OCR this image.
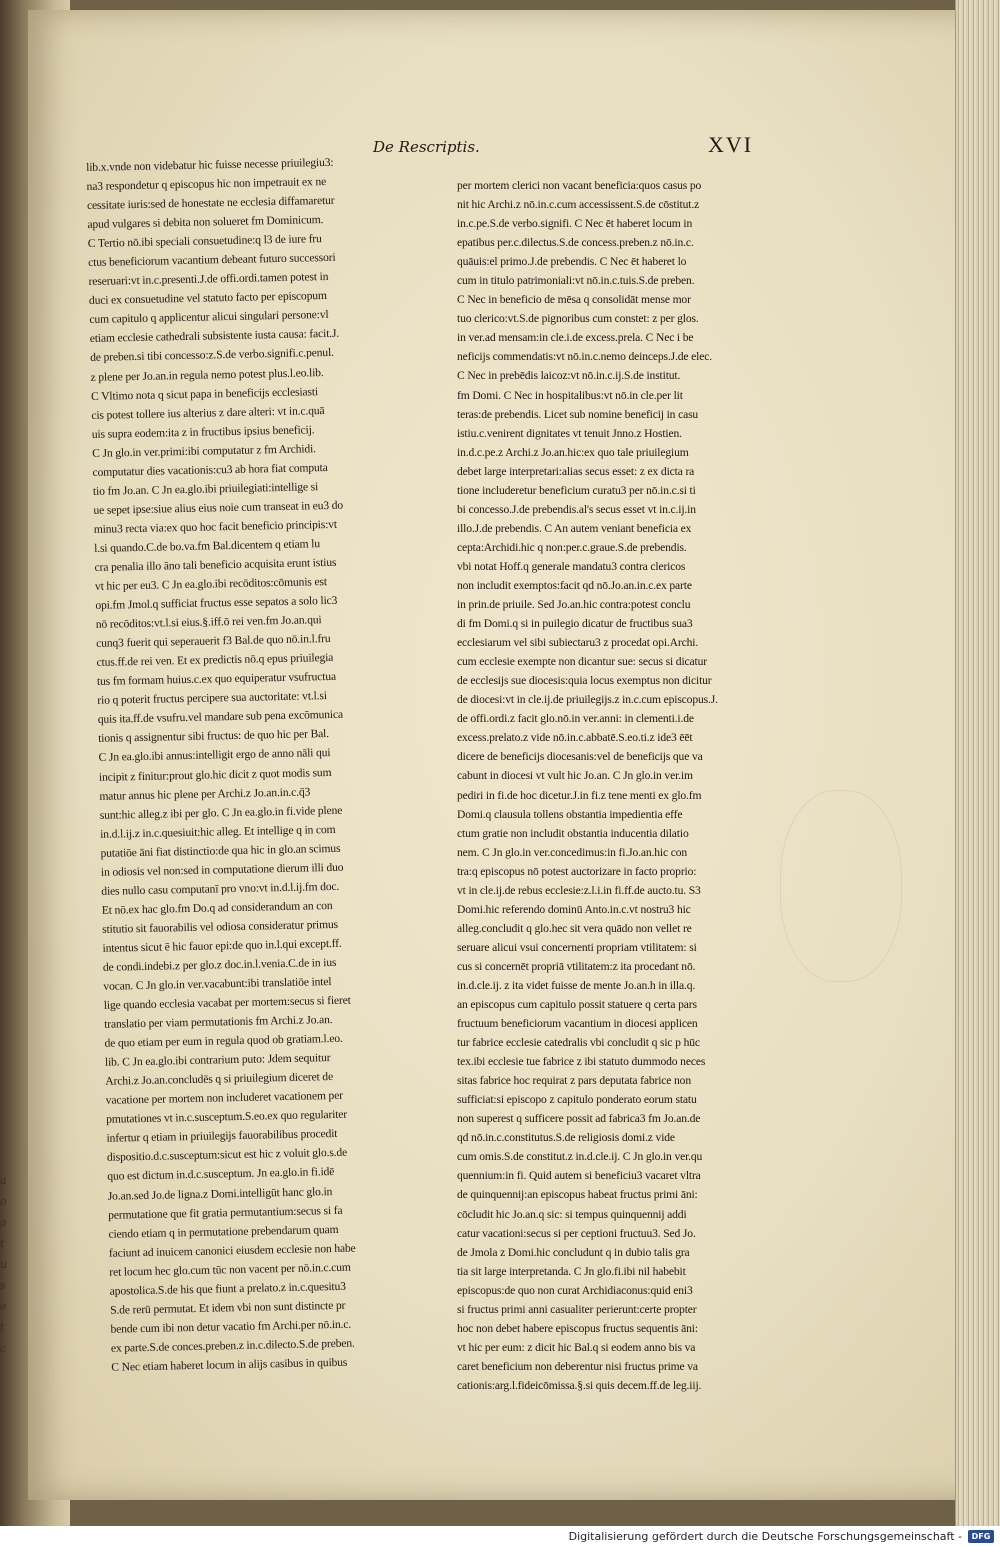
a
o
a
t
u
s
e
t
c
De Rescriptis.	XVI
lib.x.vnde non videbatur hic fuisse necesse priuilegiu3:
na3 respondetur q episcopus hic non impetrauit ex ne
cessitate iuris:sed de honestate ne ecclesia diffamaretur
apud vulgares si debita non solueret fm Dominicum.
C Tertio nō.ibi speciali consuetudine:q l3 de iure fru
ctus beneficiorum vacantium debeant futuro successori
reseruari:vt in.c.presenti.J.de offi.ordi.tamen potest in
duci ex consuetudine vel statuto facto per episcopum
cum capitulo q applicentur alicui singulari persone:vl
etiam ecclesie cathedrali subsistente iusta causa: facit.J.
de preben.si tibi concesso:z.S.de verbo.signifi.c.penul.
z plene per Jo.an.in regula nemo potest plus.l.eo.lib.
C Vltimo nota q sicut papa in beneficijs ecclesiasti
cis potest tollere ius alterius z dare alteri: vt in.c.quā
uis supra eodem:ita z in fructibus ipsius beneficij.
C Jn glo.in ver.primi:ibi computatur z fm Archidi.
computatur dies vacationis:cu3 ab hora fiat computa
tio fm Jo.an. C Jn ea.glo.ibi priuilegiati:intellige si
ue sepet ipse:siue alius eius noie cum transeat in eu3 do
minu3 recta via:ex quo hoc facit beneficio principis:vt
l.si quando.C.de bo.va.fm Bal.dicentem q etiam lu
cra penalia illo āno tali beneficio acquisita erunt istius
vt hic per eu3. C Jn ea.glo.ibi recōditos:cōmunis est
opi.fm Jmol.q sufficiat fructus esse sepatos a solo lic3
nō recōditos:vt.l.si eius.§.iff.ō rei ven.fm Jo.an.qui
cunq3 fuerit qui seperauerit f3 Bal.de quo nō.in.l.fru
ctus.ff.de rei ven. Et ex predictis nō.q epus priuilegia
tus fm formam huius.c.ex quo equiperatur vsufructua
rio q poterit fructus percipere sua auctoritate: vt.l.si
quis ita.ff.de vsufru.vel mandare sub pena excōmunica
tionis q assignentur sibi fructus: de quo hic per Bal.
C Jn ea.glo.ibi annus:intelligit ergo de anno nāli qui
incipit z finitur:prout glo.hic dicit z quot modis sum
matur annus hic plene per Archi.z Jo.an.in.c.q̄3
sunt:hic alleg.z ibi per glo. C Jn ea.glo.in fi.vide plene
in.d.l.ij.z in.c.quesiuit:hic alleg. Et intellige q in com
putatiōe āni fiat distinctio:de qua hic in glo.an scimus
in odiosis vel non:sed in computatione dierum illi duo
dies nullo casu computanī pro vno:vt in.d.l.ij.fm doc.
Et nō.ex hac glo.fm Do.q ad considerandum an con
stitutio sit fauorabilis vel odiosa consideratur primus
intentus sicut ē hic fauor epi:de quo in.l.qui except.ff.
de condi.indebi.z per glo.z doc.in.l.venia.C.de in ius
vocan. C Jn glo.in ver.vacabunt:ibi translatiōe intel
lige quando ecclesia vacabat per mortem:secus si fieret
translatio per viam permutationis fm Archi.z Jo.an.
de quo etiam per eum in regula quod ob gratiam.l.eo.
lib. C Jn ea.glo.ibi contrarium puto: Jdem sequitur
Archi.z Jo.an.concludēs q si priuilegium diceret de
vacatione per mortem non includeret vacationem per
pmutationes vt in.c.susceptum.S.eo.ex quo regulariter
infertur q etiam in priuilegijs fauorabilibus procedit
dispositio.d.c.susceptum:sicut est hic z voluit glo.s.de
quo est dictum in.d.c.susceptum. Jn ea.glo.in fi.idē
Jo.an.sed Jo.de ligna.z Domi.intelligūt hanc glo.in
permutatione que fit gratia permutantium:secus si fa
ciendo etiam q in permutatione prebendarum quam
faciunt ad inuicem canonici eiusdem ecclesie non habe
ret locum hec glo.cum tūc non vacent per nō.in.c.cum
apostolica.S.de his que fiunt a prelato.z in.c.quesitu3
S.de rerū permutat. Et idem vbi non sunt distincte pr
bende cum ibi non detur vacatio fm Archi.per nō.in.c.
ex parte.S.de conces.preben.z in.c.dilecto.S.de preben.
C Nec etiam haberet locum in alijs casibus in quibus
per mortem clerici non vacant beneficia:quos casus po
nit hic Archi.z nō.in.c.cum accessissent.S.de cōstitut.z
in.c.pe.S.de verbo.signifi. C Nec ēt haberet locum in
epatibus per.c.dilectus.S.de concess.preben.z nō.in.c.
quāuis:el primo.J.de prebendis. C Nec ēt haberet lo
cum in titulo patrimoniali:vt nō.in.c.tuis.S.de preben.
C Nec in beneficio de mēsa q consolidāt mense mor
tuo clerico:vt.S.de pignoribus cum constet: z per glos.
in ver.ad mensam:in cle.i.de excess.prela. C Nec i be
neficijs commendatis:vt nō.in.c.nemo deinceps.J.de elec.
C Nec in prebēdis laicoz:vt nō.in.c.ij.S.de institut.
fm Domi. C Nec in hospitalibus:vt nō.in cle.per lit
teras:de prebendis. Licet sub nomine beneficij in casu
istiu.c.venirent dignitates vt tenuit Jnno.z Hostien.
in.d.c.pe.z Archi.z Jo.an.hic:ex quo tale priuilegium
debet large interpretari:alias secus esset: z ex dicta ra
tione includeretur beneficium curatu3 per nō.in.c.si ti
bi concesso.J.de prebendis.al's secus esset vt in.c.ij.in
illo.J.de prebendis. C An autem veniant beneficia ex
cepta:Archidi.hic q non:per.c.graue.S.de prebendis.
vbi notat Hoff.q generale mandatu3 contra clericos
non includit exemptos:facit qd nō.Jo.an.in.c.ex parte
in prin.de priuile. Sed Jo.an.hic contra:potest conclu
di fm Domi.q si in puilegio dicatur de fructibus sua3
ecclesiarum vel sibi subiectaru3 z procedat opi.Archi.
cum ecclesie exempte non dicantur sue: secus si dicatur
de ecclesijs sue diocesis:quia locus exemptus non dicitur
de diocesi:vt in cle.ij.de priuilegijs.z in.c.cum episcopus.J.
de offi.ordi.z facit glo.nō.in ver.anni: in clementi.i.de
excess.prelato.z vide nō.in.c.abbatē.S.eo.ti.z ide3 ēēt
dicere de beneficijs diocesanis:vel de beneficijs que va
cabunt in diocesi vt vult hic Jo.an. C Jn glo.in ver.im
pediri in fi.de hoc dicetur.J.in fi.z tene menti ex glo.fm
Domi.q clausula tollens obstantia impedientia effe
ctum gratie non includit obstantia inducentia dilatio
nem. C Jn glo.in ver.concedimus:in fi.Jo.an.hic con
tra:q episcopus nō potest auctorizare in facto proprio:
vt in cle.ij.de rebus ecclesie:z.l.i.in fi.ff.de aucto.tu. S3
Domi.hic referendo dominū Anto.in.c.vt nostru3 hic
alleg.concludit q glo.hec sit vera quādo non vellet re
seruare alicui vsui concernenti propriam vtilitatem: si
cus si concernēt propriā vtilitatem:z ita procedant nō.
in.d.cle.ij. z ita videt fuisse de mente Jo.an.h in illa.q.
an episcopus cum capitulo possit statuere q certa pars
fructuum beneficiorum vacantium in diocesi applicen
tur fabrice ecclesie catedralis vbi concludit q sic p hūc
tex.ibi ecclesie tue fabrice z ibi statuto dummodo neces
sitas fabrice hoc requirat z pars deputata fabrice non
sufficiat:si episcopo z capitulo ponderato eorum statu
non superest q sufficere possit ad fabrica3 fm Jo.an.de
qd nō.in.c.constitutus.S.de religiosis domi.z vide
cum omis.S.de constitut.z in.d.cle.ij. C Jn glo.in ver.qu
quennium:in fi. Quid autem si beneficiu3 vacaret vltra
de quinquennij:an episcopus habeat fructus primi āni:
cōcludit hic Jo.an.q sic: si tempus quinquennij addi
catur vacationi:secus si per ceptioni fructuu3. Sed Jo.
de Jmola z Domi.hic concludunt q in dubio talis gra
tia sit large interpretanda. C Jn glo.fi.ibi nil habebit
episcopus:de quo non curat Archidiaconus:quid eni3
si fructus primi anni casualiter perierunt:certe propter
hoc non debet habere episcopus fructus sequentis āni:
vt hic per eum: z dicit hic Bal.q si eodem anno bis va
caret beneficium non deberentur nisi fructus prime va
cationis:arg.l.fideicōmissa.§.si quis decem.ff.de leg.iij.
Digitalisierung gefördert durch die Deutsche Forschungsgemeinschaft -	DFG
